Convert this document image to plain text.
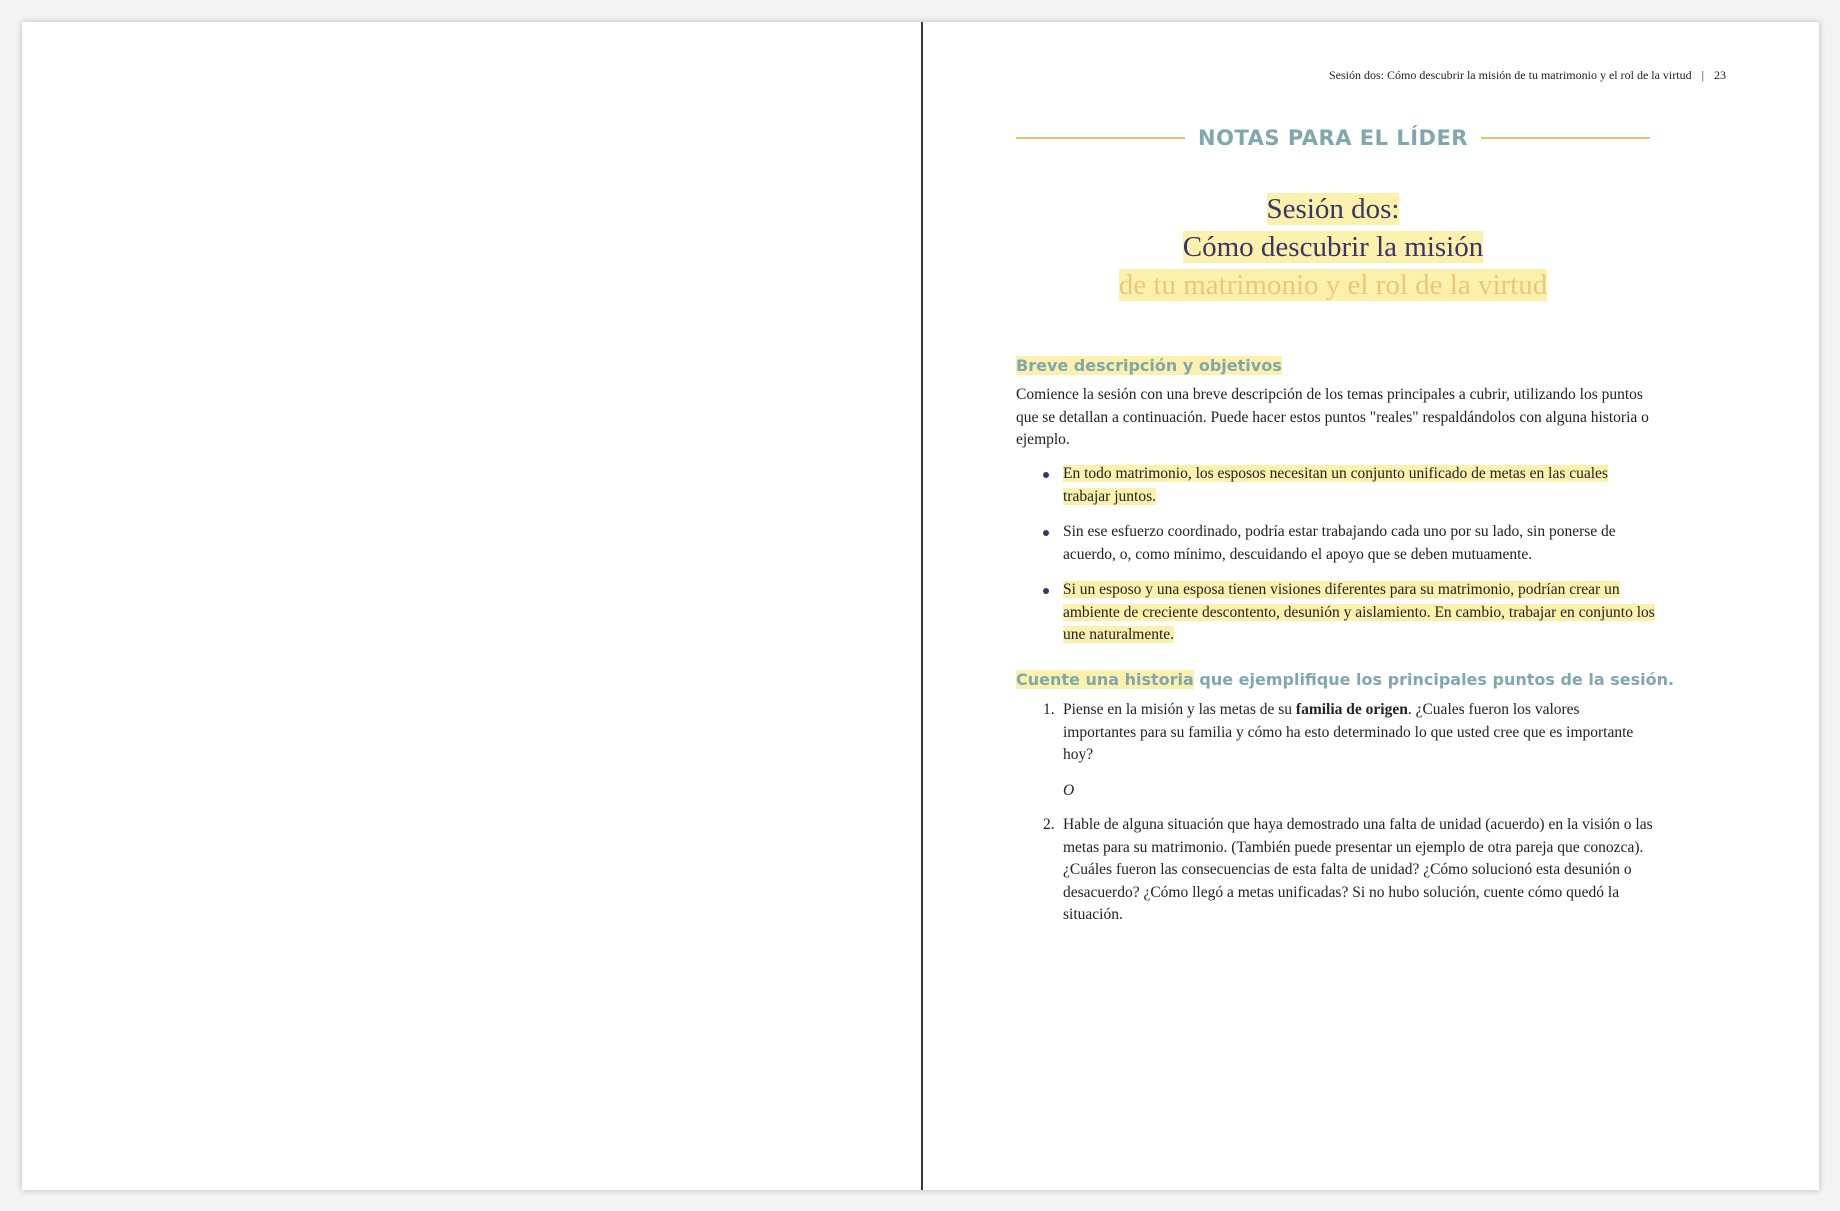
Sesión dos: Cómo descubrir la misión de tu matrimonio y el rol de la virtud | 23
NOTAS PARA EL LÍDER
Sesión dos:
Cómo descubrir la misión
de tu matrimonio y el rol de la virtud
Breve descripción y objetivos

Comience la sesión con una breve descripción de los temas principales a cubrir, utilizando los puntos que se detallan a continuación. Puede hacer estos puntos "reales" respaldándolos con alguna historia o ejemplo.

En todo matrimonio, los esposos necesitan un conjunto unificado de metas en las cuales trabajar juntos.
Sin ese esfuerzo coordinado, podría estar trabajando cada uno por su lado, sin ponerse de acuerdo, o, como mínimo, descuidando el apoyo que se deben mutuamente.
Si un esposo y una esposa tienen visiones diferentes para su matrimonio, podrían crear un ambiente de creciente descontento, desunión y aislamiento. En cambio, trabajar en conjunto los une naturalmente.
Cuente una historia que ejemplifique los principales puntos de la sesión.
1. Piense en la misión y las metas de su familia de origen. ¿Cuales fueron los valores importantes para su familia y cómo ha esto determinado lo que usted cree que es importante hoy?
O
2. Hable de alguna situación que haya demostrado una falta de unidad (acuerdo) en la visión o las metas para su matrimonio. (También puede presentar un ejemplo de otra pareja que conozca). ¿Cuáles fueron las consecuencias de esta falta de unidad? ¿Cómo solucionó esta desunión o desacuerdo? ¿Cómo llegó a metas unificadas? Si no hubo solución, cuente cómo quedó la situación.
